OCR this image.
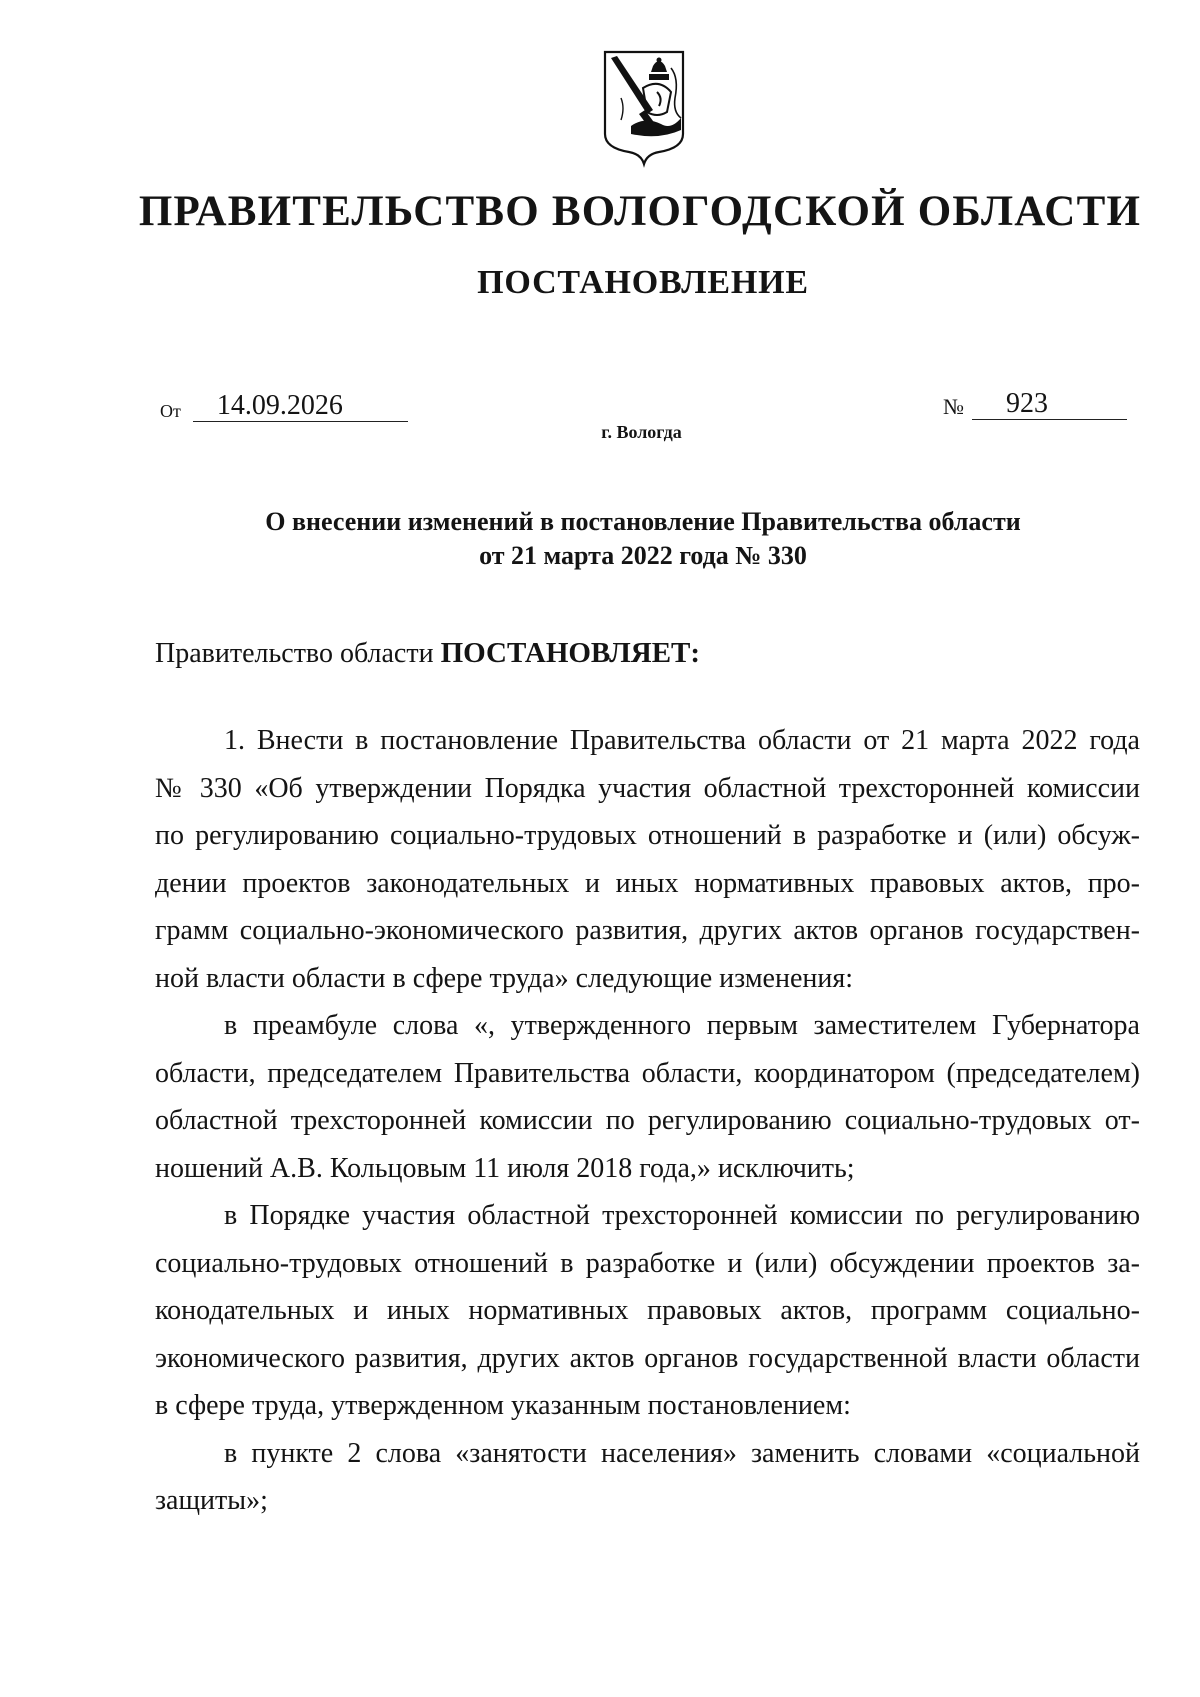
ПРАВИТЕЛЬСТВО ВОЛОГОДСКОЙ ОБЛАСТИ
ПОСТАНОВЛЕНИЕ
От	14.09.2026	№	923

г. Вологда

О внесении изменений в постановление Правительства области
от 21 марта 2022 года № 330

Правительство области ПОСТАНОВЛЯЕТ:

1. Внести в постановление Правительства области от 21 марта 2022 года
№ 330 «Об утверждении Порядка участия областной трехсторонней комиссии
по регулированию социально-трудовых отношений в разработке и (или) обсуж-
дении проектов законодательных и иных нормативных правовых актов, про-
грамм социально-экономического развития, других актов органов государствен-
ной власти области в сфере труда» следующие изменения:
в преамбуле слова «, утвержденного первым заместителем Губернатора
области, председателем Правительства области, координатором (председателем)
областной трехсторонней комиссии по регулированию социально-трудовых от-
ношений А.В. Кольцовым 11 июля 2018 года,» исключить;
в Порядке участия областной трехсторонней комиссии по регулированию
социально-трудовых отношений в разработке и (или) обсуждении проектов за-
конодательных и иных нормативных правовых актов, программ социально-
экономического развития, других актов органов государственной власти области
в сфере труда, утвержденном указанным постановлением:
в пункте 2 слова «занятости населения» заменить словами «социальной
защиты»;
